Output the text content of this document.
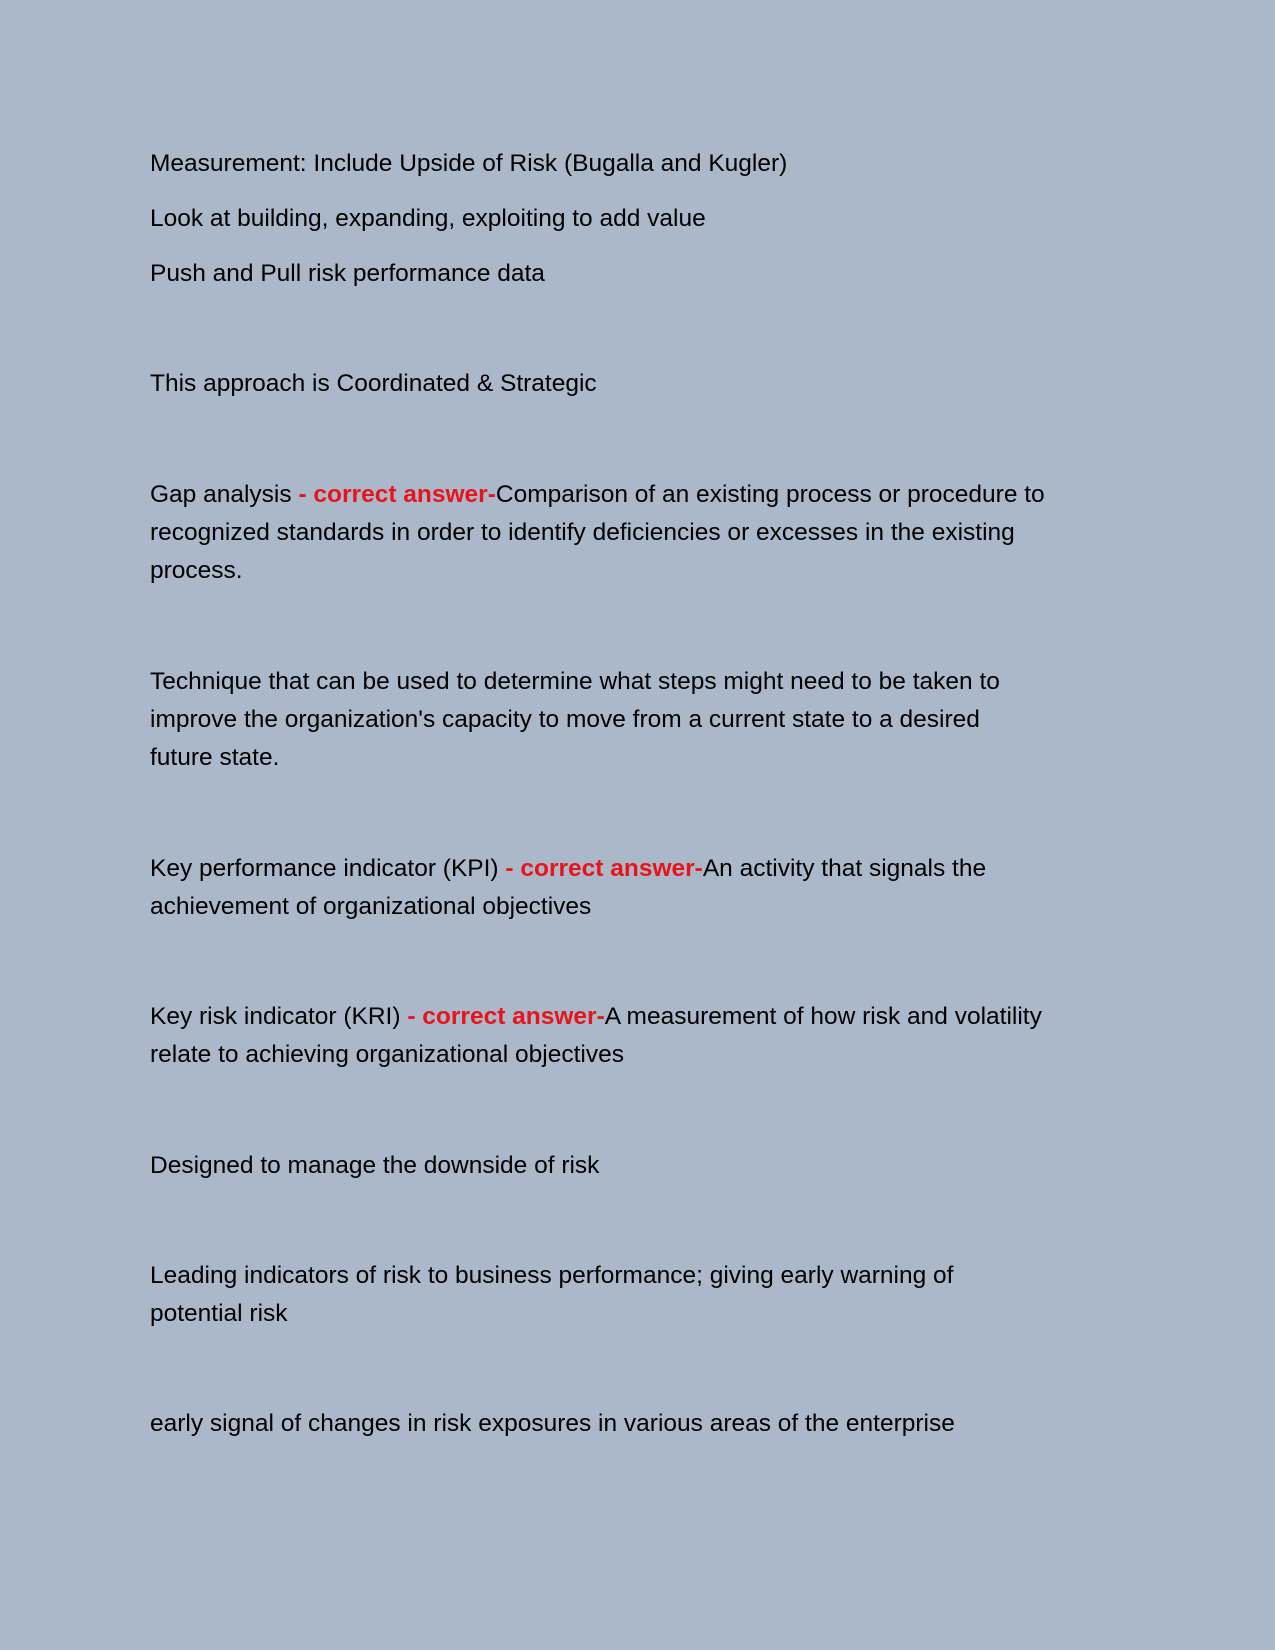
Measurement: Include Upside of Risk (Bugalla and Kugler)

Look at building, expanding, exploiting to add value

Push and Pull risk performance data

This approach is Coordinated & Strategic

Gap analysis - correct answer-Comparison of an existing process or procedure to
recognized standards in order to identify deficiencies or excesses in the existing
process.
Technique that can be used to determine what steps might need to be taken to
improve the organization's capacity to move from a current state to a desired
future state.
Key performance indicator (KPI) - correct answer-An activity that signals the
achievement of organizational objectives
Key risk indicator (KRI) - correct answer-A measurement of how risk and volatility
relate to achieving organizational objectives

Designed to manage the downside of risk

Leading indicators of risk to business performance; giving early warning of
potential risk

early signal of changes in risk exposures in various areas of the enterprise
